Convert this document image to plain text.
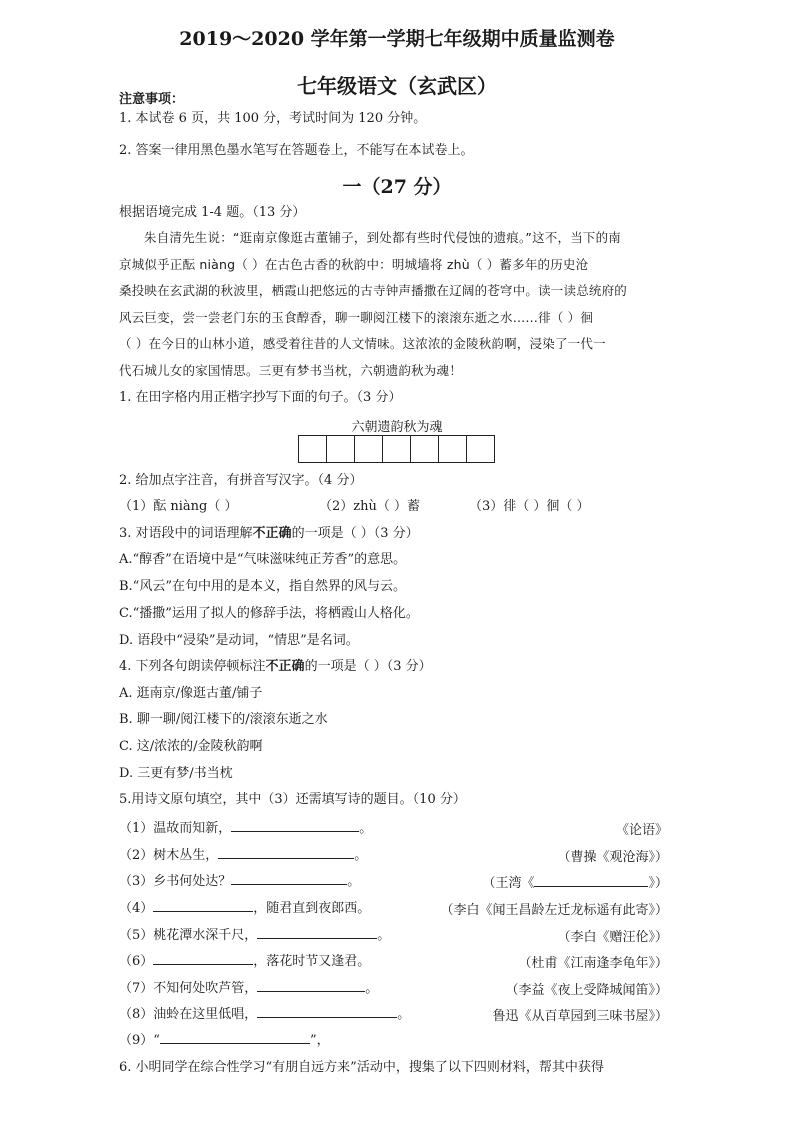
2019～2020 学年第一学期七年级期中质量监测卷
七年级语文（玄武区）
注意事项：
1. 本试卷 6 页，共 100 分，考试时间为 120 分钟。
2. 答案一律用黑色墨水笔写在答题卷上，不能写在本试卷上。
一（27 分）
根据语境完成 1-4 题。（13 分）

朱自清先生说：“逛南京像逛古董铺子，到处都有些时代侵蚀的遗痕。”这不，当下的南

京城似乎正酝 niàng（ ）在古色古香的秋韵中：明城墙将 zhù（ ）蓄多年的历史沧

桑投映在玄武湖的秋波里，栖霞山把悠远的古寺钟声播撒在辽阔的苍穹中。读一读总统府的

风云巨变，尝一尝老门东的玉食醇香，聊一聊阅江楼下的滚滚东逝之水……徘（ ）徊

（ ）在今日的山林小道，感受着往昔的人文情味。这浓浓的金陵秋韵啊，浸染了一代一

代石城儿女的家国情思。三更有梦书当枕，六朝遗韵秋为魂！

1. 在田字格内用正楷字抄写下面的句子。（3 分）
六朝遗韵秋为魂
2. 给加点字注音，有拼音写汉字。（4 分）
（1）酝 niàng（ ）	（2）zhù（ ）蓄	（3）徘（ ）徊（ ）
3. 对语段中的词语理解不正确的一项是（ ）（3 分）
A.“醇香”在语境中是“气味滋味纯正芳香”的意思。
B.“风云”在句中用的是本义，指自然界的风与云。
C.“播撒”运用了拟人的修辞手法，将栖霞山人格化。
D. 语段中“浸染”是动词，“情思”是名词。
4. 下列各句朗读停顿标注不正确的一项是（ ）（3 分）
A. 逛南京/像逛古董/铺子
B. 聊一聊/阅江楼下的/滚滚东逝之水
C. 这/浓浓的/金陵秋韵啊
D. 三更有梦/书当枕
5.用诗文原句填空，其中（3）还需填写诗的题目。（10 分）
（1）温故而知新，	。	《论语》
（2）树木丛生，	。	（曹操《观沧海》）
（3）乡书何处达？	。	（王湾《	》）
（4）	，随君直到夜郎西。	（李白《闻王昌龄左迁龙标遥有此寄》）
（5）桃花潭水深千尺，	。	（李白《赠汪伦》）
（6）	，落花时节又逢君。	（杜甫《江南逢李龟年》）
（7）不知何处吹芦管，	。	（李益《夜上受降城闻笛》）
（8）油蛉在这里低唱，	。	鲁迅《从百草园到三味书屋》）
（9）“	”，
6. 小明同学在综合性学习“有朋自远方来”活动中，搜集了以下四则材料，帮其中获得
